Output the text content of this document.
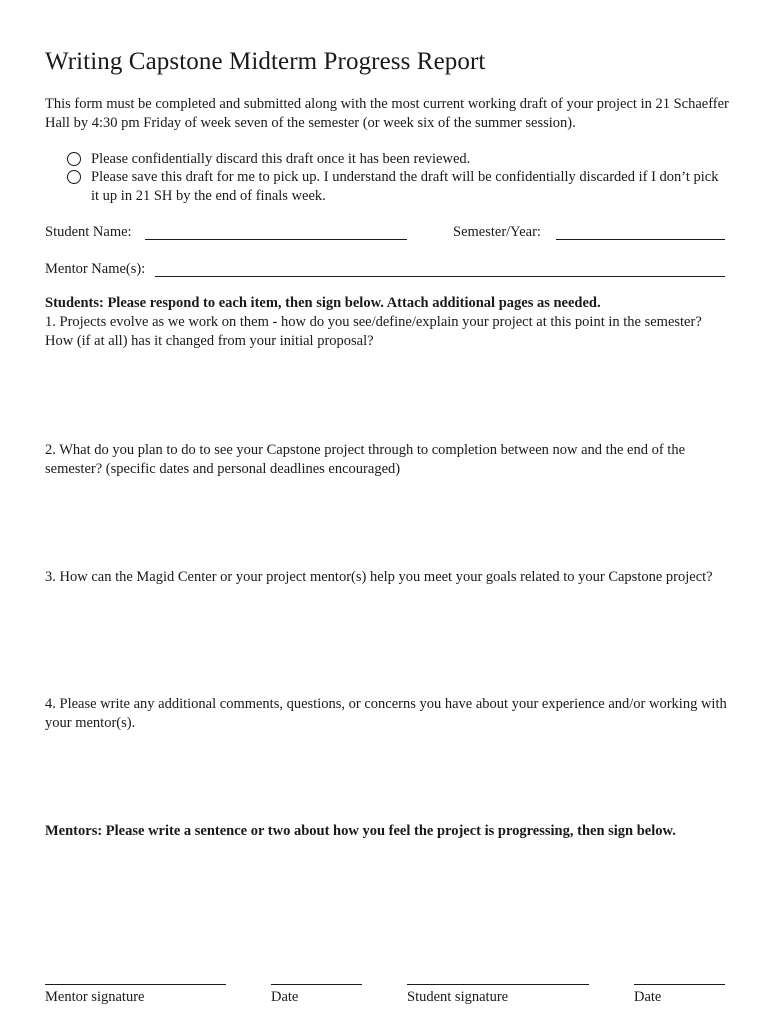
Writing Capstone Midterm Progress Report

This form must be completed and submitted along with the most current working draft of your project in 21 Schaeffer Hall by 4:30 pm Friday of week seven of the semester (or week six of the summer session).

Please confidentially discard this draft once it has been reviewed.
Please save this draft for me to pick up. I understand the draft will be confidentially discarded if I don’t pick it up in 21 SH by the end of finals week.
Student Name:	Semester/Year:
Mentor Name(s):

Students: Please respond to each item, then sign below. Attach additional pages as needed.

1. Projects evolve as we work on them - how do you see/define/explain your project at this point in the semester? How (if at all) has it changed from your initial proposal?

2. What do you plan to do to see your Capstone project through to completion between now and the end of the semester? (specific dates and personal deadlines encouraged)

3. How can the Magid Center or your project mentor(s) help you meet your goals related to your Capstone project?

4. Please write any additional comments, questions, or concerns you have about your experience and/or working with your mentor(s).

Mentors: Please write a sentence or two about how you feel the project is progressing, then sign below.

Mentor signature	Date	Student signature	Date
